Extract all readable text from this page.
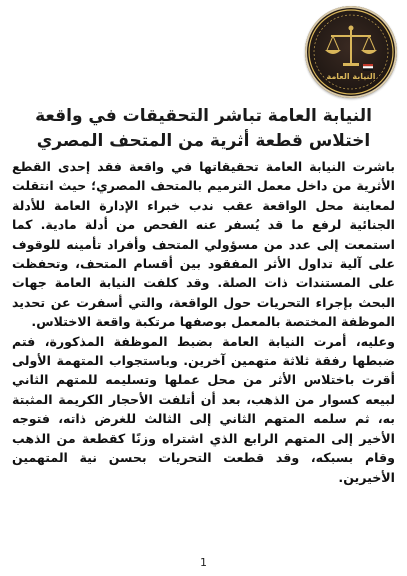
النيابة العامة
النيابة العامة تباشر التحقيقات في واقعة اختلاس قطعة أثرية من المتحف المصري

باشرت النيابة العامة تحقيقاتها في واقعة فقد إحدى القطع الأثرية من داخل معمل الترميم بالمتحف المصري؛ حيث انتقلت لمعاينة محل الواقعة عقب ندب خبراء الإدارة العامة للأدلة الجنائية لرفع ما قد يُسفر عنه الفحص من أدلة مادية. كما استمعت إلى عدد من مسؤولي المتحف وأفراد تأمينه للوقوف على آلية تداول الأثر المفقود بين أقسام المتحف، وتحفظت على المستندات ذات الصلة. وقد كلفت النيابة العامة جهات البحث بإجراء التحريات حول الواقعة، والتي أسفرت عن تحديد الموظفة المختصة بالمعمل بوصفها مرتكبة واقعة الاختلاس.

وعليه، أمرت النيابة العامة بضبط الموظفة المذكورة، فتم ضبطها رفقة ثلاثة متهمين آخرين. وباستجواب المتهمة الأولى أقرت باختلاس الأثر من محل عملها وتسليمه للمتهم الثاني لبيعه كسوار من الذهب، بعد أن أتلفت الأحجار الكريمة المثبتة به، ثم سلمه المتهم الثاني إلى الثالث للغرض ذاته، فتوجه الأخير إلى المتهم الرابع الذي اشتراه وزنًا كقطعة من الذهب وقام بسبكه، وقد قطعت التحريات بحسن نية المتهمين الأخيرين.

1
